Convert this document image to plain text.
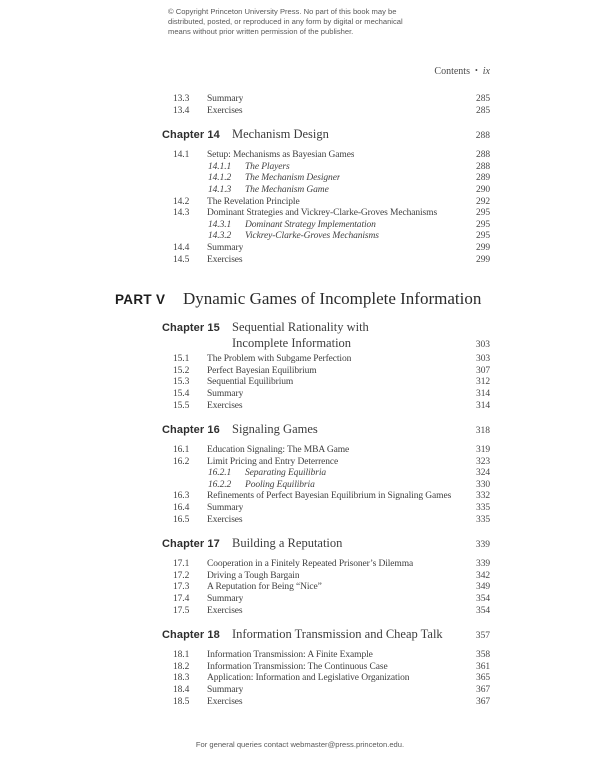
© Copyright Princeton University Press. No part of this book may be
distributed, posted, or reproduced in any form by digital or mechanical
means without prior written permission of the publisher.
Contents • ix
13.3	Summary	285
13.4	Exercises	285
Chapter 14 Mechanism Design	288
14.1	Setup: Mechanisms as Bayesian Games	288
14.1.1	The Players	288
14.1.2	The Mechanism Designer	289
14.1.3	The Mechanism Game	290
14.2	The Revelation Principle	292
14.3	Dominant Strategies and Vickrey-Clarke-Groves Mechanisms	295
14.3.1	Dominant Strategy Implementation	295
14.3.2	Vickrey-Clarke-Groves Mechanisms	295
14.4	Summary	299
14.5	Exercises	299
PART V	Dynamic Games of Incomplete Information
Chapter 15 Sequential Rationality with
Incomplete Information	303
15.1	The Problem with Subgame Perfection	303
15.2	Perfect Bayesian Equilibrium	307
15.3	Sequential Equilibrium	312
15.4	Summary	314
15.5	Exercises	314
Chapter 16 Signaling Games	318
16.1	Education Signaling: The MBA Game	319
16.2	Limit Pricing and Entry Deterrence	323
16.2.1	Separating Equilibria	324
16.2.2	Pooling Equilibria	330
16.3	Refinements of Perfect Bayesian Equilibrium in Signaling Games	332
16.4	Summary	335
16.5	Exercises	335
Chapter 17 Building a Reputation	339
17.1	Cooperation in a Finitely Repeated Prisoner’s Dilemma	339
17.2	Driving a Tough Bargain	342
17.3	A Reputation for Being “Nice”	349
17.4	Summary	354
17.5	Exercises	354
Chapter 18 Information Transmission and Cheap Talk	357
18.1	Information Transmission: A Finite Example	358
18.2	Information Transmission: The Continuous Case	361
18.3	Application: Information and Legislative Organization	365
18.4	Summary	367
18.5	Exercises	367
For general queries contact webmaster@press.princeton.edu.
